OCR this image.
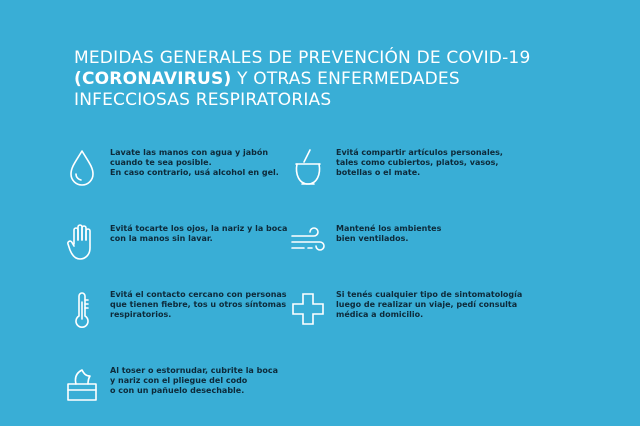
MEDIDAS GENERALES DE PREVENCIÓN DE COVID-19
(CORONAVIRUS) Y OTRAS ENFERMEDADES
INFECCIOSAS RESPIRATORIAS
Lavate las manos con agua y jabón
cuando te sea posible.
En caso contrario, usá alcohol en gel.
Evitá compartir artículos personales,
tales como cubiertos, platos, vasos,
botellas o el mate.
Evitá tocarte los ojos, la nariz y la boca
con la manos sin lavar.
Mantené los ambientes
bien ventilados.
Evitá el contacto cercano con personas
que tienen fiebre, tos u otros síntomas
respiratorios.
Si tenés cualquier tipo de sintomatología
luego de realizar un viaje, pedí consulta
médica a domicilio.
Al toser o estornudar, cubrite la boca
y nariz con el pliegue del codo
o con un pañuelo desechable.
